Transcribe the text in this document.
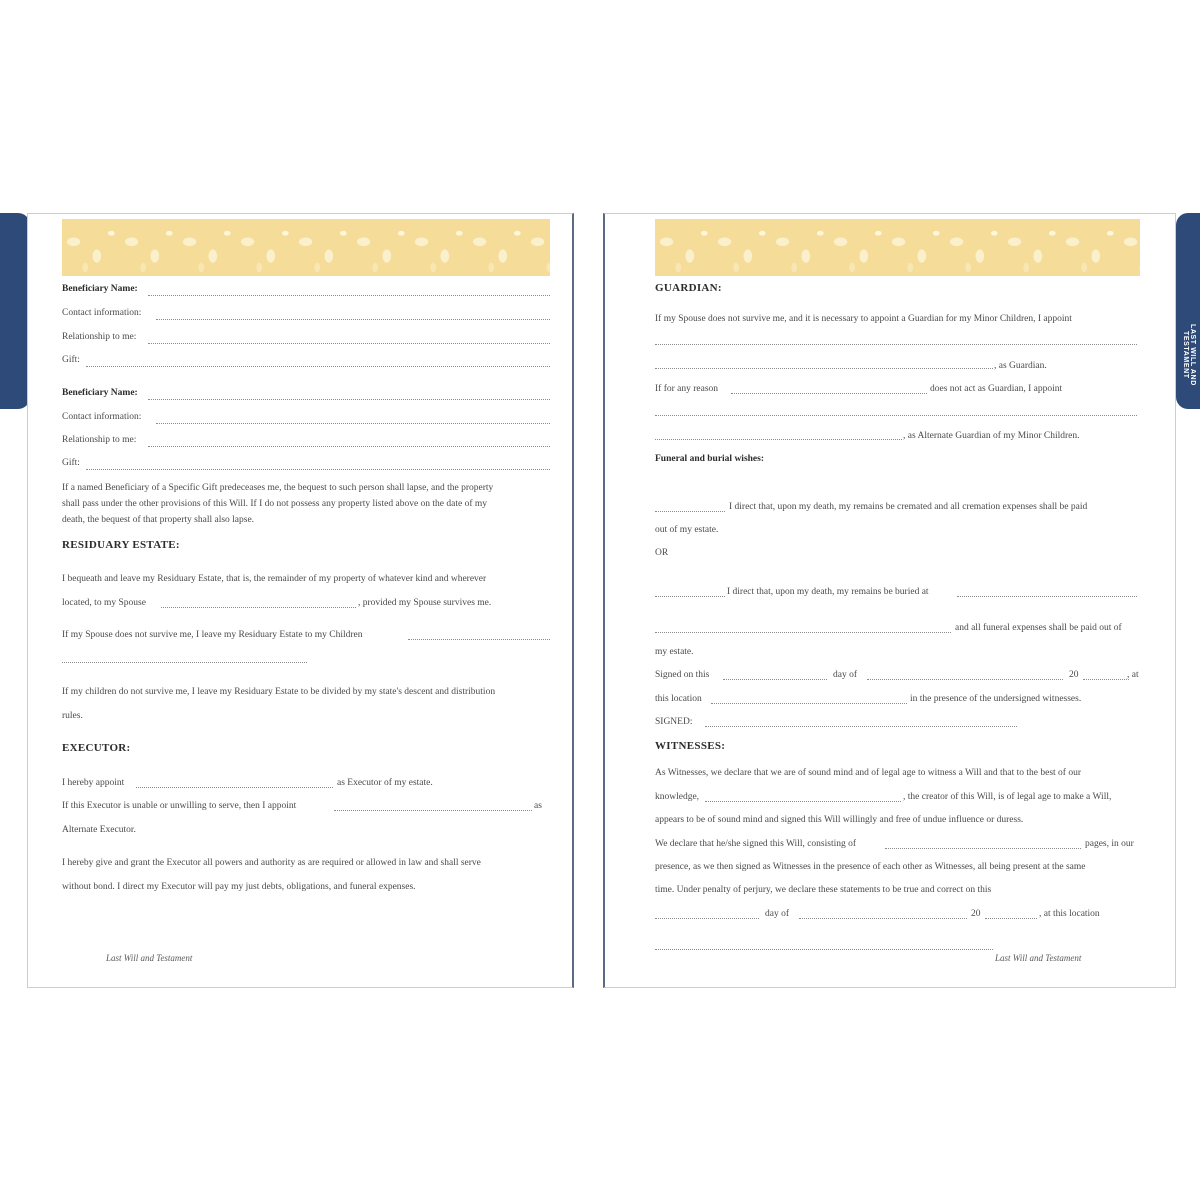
LAST WILL AND TESTAMENT
Beneficiary Name:
Contact information:
Relationship to me:
Gift:
Beneficiary Name:
Contact information:
Relationship to me:
Gift:
If a named Beneficiary of a Specific Gift predeceases me, the bequest to such person shall lapse, and the property
shall pass under the other provisions of this Will. If I do not possess any property listed above on the date of my
death, the bequest of that property shall also lapse.
RESIDUARY ESTATE:
I bequeath and leave my Residuary Estate, that is, the remainder of my property of whatever kind and wherever
located, to my Spouse	, provided my Spouse survives me.
If my Spouse does not survive me, I leave my Residuary Estate to my Children
If my children do not survive me, I leave my Residuary Estate to be divided by my state's descent and distribution
rules.
EXECUTOR:
I hereby appoint	as Executor of my estate.
If this Executor is unable or unwilling to serve, then I appoint	as
Alternate Executor.
I hereby give and grant the Executor all powers and authority as are required or allowed in law and shall serve
without bond. I direct my Executor will pay my just debts, obligations, and funeral expenses.
Last Will and Testament
GUARDIAN:
If my Spouse does not survive me, and it is necessary to appoint a Guardian for my Minor Children, I appoint
, as Guardian.
If for any reason	does not act as Guardian, I appoint
, as Alternate Guardian of my Minor Children.
Funeral and burial wishes:
I direct that, upon my death, my remains be cremated and all cremation expenses shall be paid
out of my estate.
OR
I direct that, upon my death, my remains be buried at
and all funeral expenses shall be paid out of
my estate.
Signed on this	day of	20	, at
this location	in the presence of the undersigned witnesses.
SIGNED:
WITNESSES:
As Witnesses, we declare that we are of sound mind and of legal age to witness a Will and that to the best of our
knowledge,	, the creator of this Will, is of legal age to make a Will,
appears to be of sound mind and signed this Will willingly and free of undue influence or duress.
We declare that he/she signed this Will, consisting of	pages, in our
presence, as we then signed as Witnesses in the presence of each other as Witnesses, all being present at the same
time. Under penalty of perjury, we declare these statements to be true and correct on this
day of	20	, at this location
Last Will and Testament
